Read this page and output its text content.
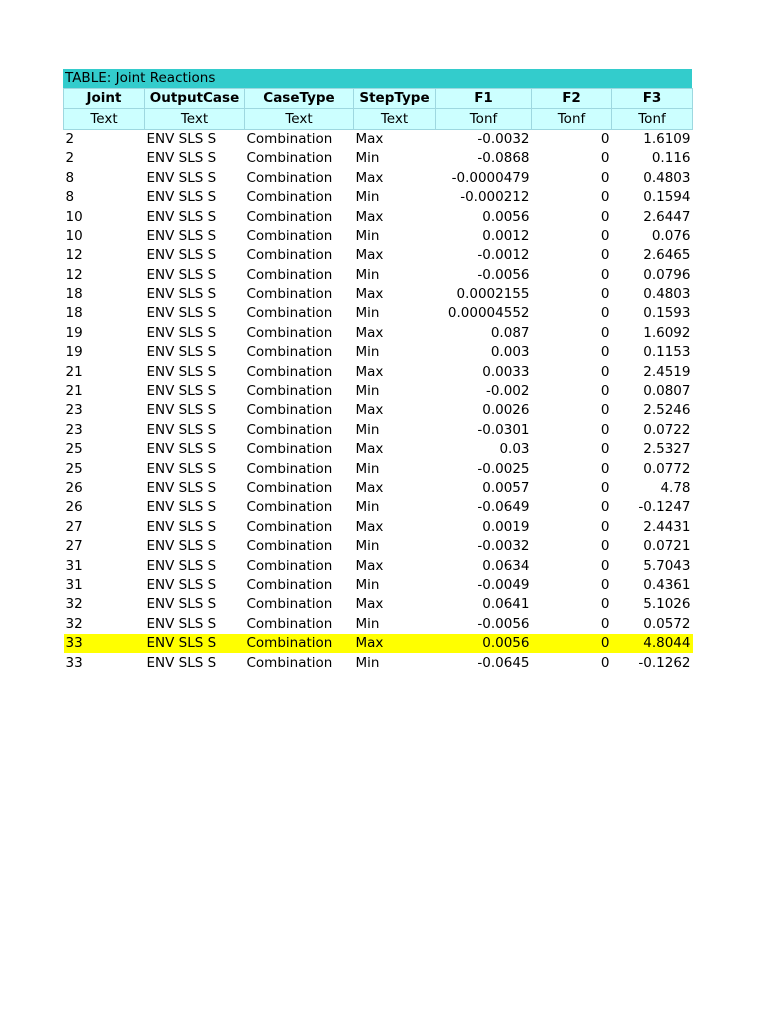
TABLE: Joint Reactions
Joint	OutputCase	CaseType	StepType	F1	F2	F3
Text	Text	Text	Text	Tonf	Tonf	Tonf
2	ENV SLS S	Combination	Max	-0.0032	0	1.6109
2	ENV SLS S	Combination	Min	-0.0868	0	0.116
8	ENV SLS S	Combination	Max	-0.0000479	0	0.4803
8	ENV SLS S	Combination	Min	-0.000212	0	0.1594
10	ENV SLS S	Combination	Max	0.0056	0	2.6447
10	ENV SLS S	Combination	Min	0.0012	0	0.076
12	ENV SLS S	Combination	Max	-0.0012	0	2.6465
12	ENV SLS S	Combination	Min	-0.0056	0	0.0796
18	ENV SLS S	Combination	Max	0.0002155	0	0.4803
18	ENV SLS S	Combination	Min	0.00004552	0	0.1593
19	ENV SLS S	Combination	Max	0.087	0	1.6092
19	ENV SLS S	Combination	Min	0.003	0	0.1153
21	ENV SLS S	Combination	Max	0.0033	0	2.4519
21	ENV SLS S	Combination	Min	-0.002	0	0.0807
23	ENV SLS S	Combination	Max	0.0026	0	2.5246
23	ENV SLS S	Combination	Min	-0.0301	0	0.0722
25	ENV SLS S	Combination	Max	0.03	0	2.5327
25	ENV SLS S	Combination	Min	-0.0025	0	0.0772
26	ENV SLS S	Combination	Max	0.0057	0	4.78
26	ENV SLS S	Combination	Min	-0.0649	0	-0.1247
27	ENV SLS S	Combination	Max	0.0019	0	2.4431
27	ENV SLS S	Combination	Min	-0.0032	0	0.0721
31	ENV SLS S	Combination	Max	0.0634	0	5.7043
31	ENV SLS S	Combination	Min	-0.0049	0	0.4361
32	ENV SLS S	Combination	Max	0.0641	0	5.1026
32	ENV SLS S	Combination	Min	-0.0056	0	0.0572
33	ENV SLS S	Combination	Max	0.0056	0	4.8044
33	ENV SLS S	Combination	Min	-0.0645	0	-0.1262
